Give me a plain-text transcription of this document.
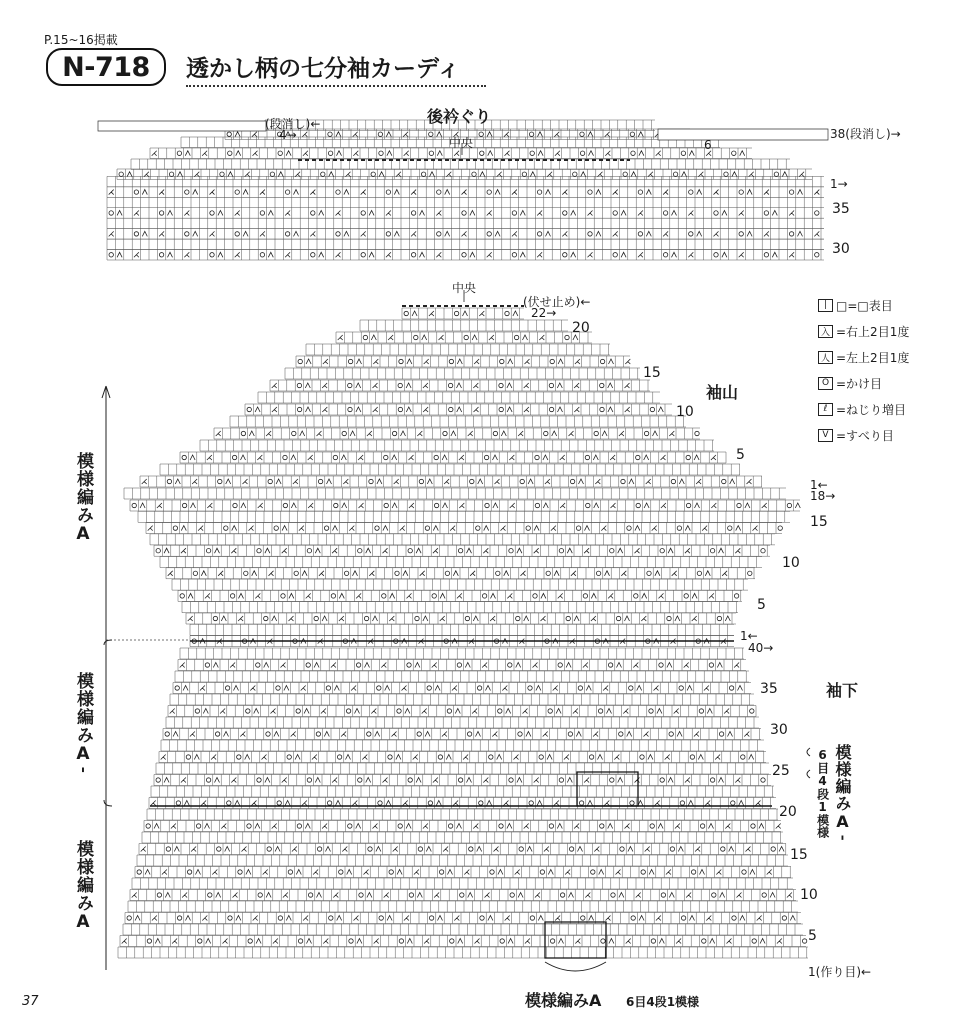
P.15~16掲載
N-718	透かし柄の七分袖カーディ
後衿ぐり
中央
(段消し)←
4→	38(段消し)→
6
1→
35
30
中央
(伏せ止め)←
22→
袖山
袖下
20
15
10
5
1←
18→
15
10
5
1←
40→
35
30
25
20
15
10
5
1(作り目)←
模様編みA
模様編みA'
模様編みA
6目4段1模様 模様編みA'
模様編みA 6目4段1模様
| □=□表目
入 =右上2目1度
人 =左上2目1度
O =かけ目
ℓ =ねじり増目
V =すべり目
37
